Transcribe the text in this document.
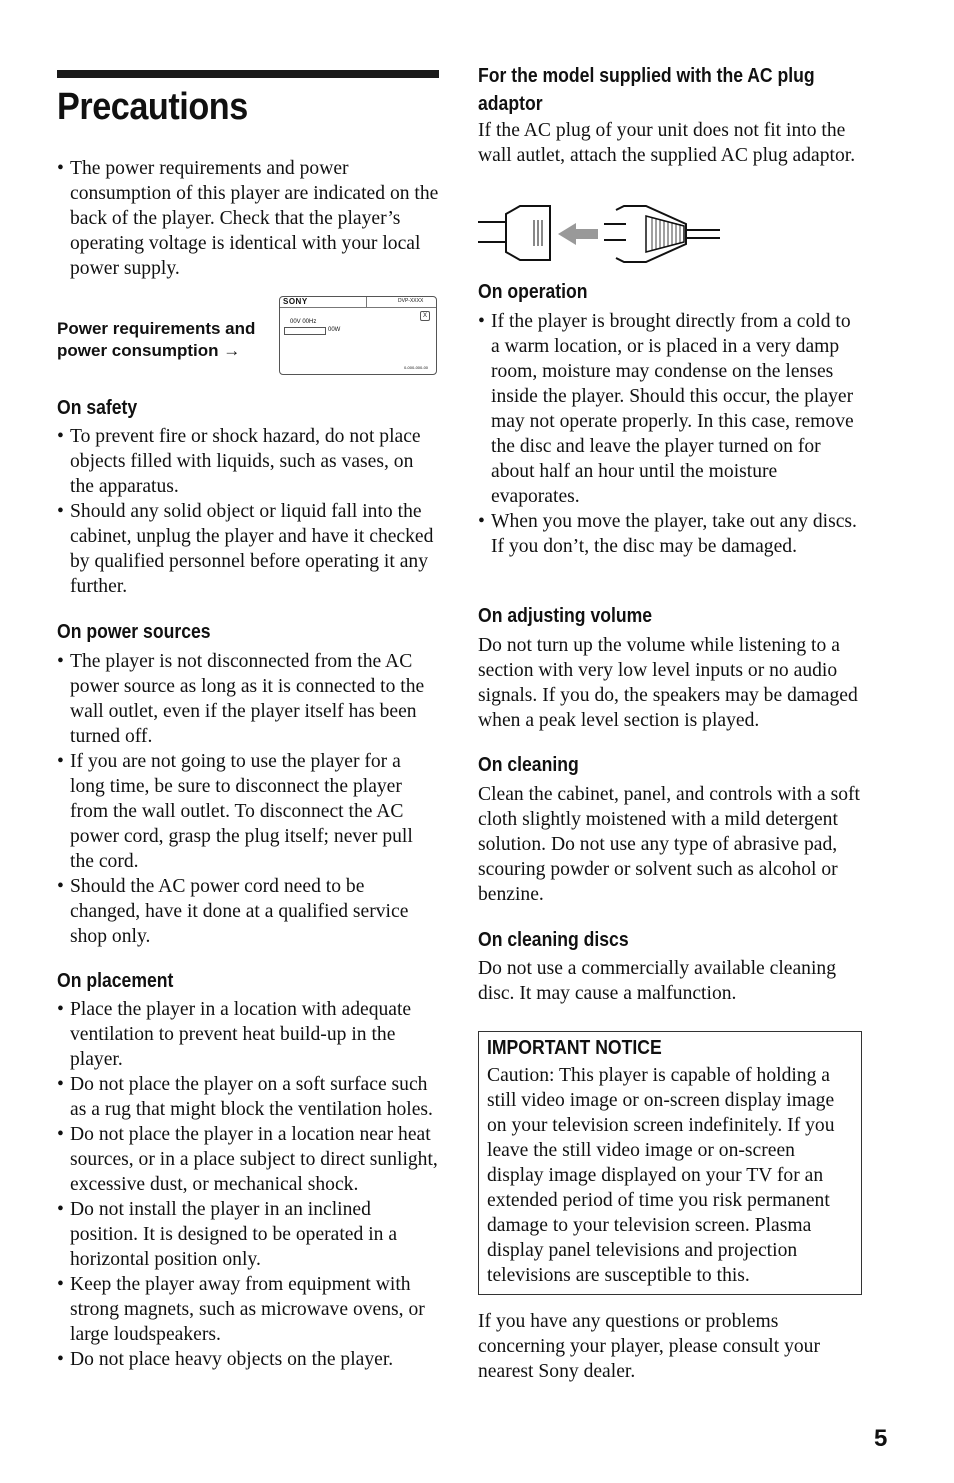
Precautions
• The power requirements and power consumption of this player are indicated on the back of the player. Check that the player’s operating voltage is identical with your local power supply.
Power requirements and
power consumption →
SONY	DVP-XXXX
X
00V 00Hz
00W
0-000-000-00
On safety
• To prevent fire or shock hazard, do not place objects filled with liquids, such as vases, on the apparatus.
• Should any solid object or liquid fall into the cabinet, unplug the player and have it checked by qualified personnel before operating it any further.
On power sources
• The player is not disconnected from the AC power source as long as it is connected to the wall outlet, even if the player itself has been turned off.
• If you are not going to use the player for a long time, be sure to disconnect the player from the wall outlet. To disconnect the AC power cord, grasp the plug itself; never pull the cord.
• Should the AC power cord need to be changed, have it done at a qualified service shop only.
On placement
• Place the player in a location with adequate ventilation to prevent heat build-up in the player.
• Do not place the player on a soft surface such as a rug that might block the ventilation holes.
• Do not place the player in a location near heat sources, or in a place subject to direct sunlight, excessive dust, or mechanical shock.
• Do not install the player in an inclined position. It is designed to be operated in a horizontal position only.
• Keep the player away from equipment with strong magnets, such as microwave ovens, or large loudspeakers.
• Do not place heavy objects on the player.
For the model supplied with the AC plug
adaptor

If the AC plug of your unit does not fit into the wall autlet, attach the supplied AC plug adaptor.

On operation
• If the player is brought directly from a cold to a warm location, or is placed in a very damp room, moisture may condense on the lenses inside the player. Should this occur, the player may not operate properly. In this case, remove the disc and leave the player turned on for about half an hour until the moisture evaporates.
• When you move the player, take out any discs. If you don’t, the disc may be damaged.
On adjusting volume

Do not turn up the volume while listening to a section with very low level inputs or no audio signals. If you do, the speakers may be damaged when a peak level section is played.

On cleaning

Clean the cabinet, panel, and controls with a soft cloth slightly moistened with a mild detergent solution. Do not use any type of abrasive pad, scouring powder or solvent such as alcohol or benzine.

On cleaning discs

Do not use a commercially available cleaning disc. It may cause a malfunction.

IMPORTANT NOTICE

Caution: This player is capable of holding a still video image or on-screen display image on your television screen indefinitely. If you leave the still video image or on-screen display image displayed on your TV for an extended period of time you risk permanent damage to your television screen. Plasma display panel televisions and projection televisions are susceptible to this.

If you have any questions or problems concerning your player, please consult your nearest Sony dealer.

5
